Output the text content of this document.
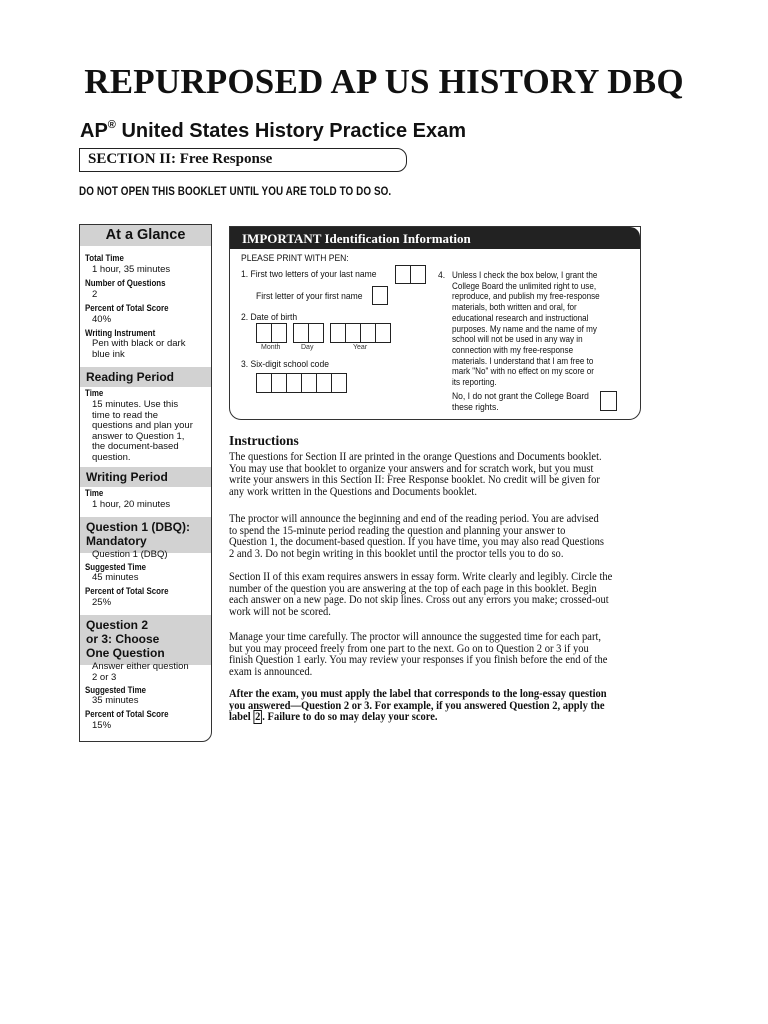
REPURPOSED AP US HISTORY DBQ
AP® United States History Practice Exam
SECTION II: Free Response
DO NOT OPEN THIS BOOKLET UNTIL YOU ARE TOLD TO DO SO.
At a Glance
Total Time
1 hour, 35 minutes
Number of Questions
2
Percent of Total Score
40%
Writing Instrument
Pen with black or dark
blue ink
Reading Period
Time
15 minutes. Use this
time to read the
questions and plan your
answer to Question 1,
the document-based
question.
Writing Period
Time
1 hour, 20 minutes
Question 1 (DBQ):
Mandatory
Question 1 (DBQ)
Suggested Time
45 minutes
Percent of Total Score
25%
Question 2
or 3: Choose
One Question
Answer either question
2 or 3
Suggested Time
35 minutes
Percent of Total Score
15%
IMPORTANT Identification Information
PLEASE PRINT WITH PEN:
1. First two letters of your last name
First letter of your first name
2. Date of birth
Month	Day	Year
3. Six-digit school code
4. Unless I check the box below, I grant the
College Board the unlimited right to use,
reproduce, and publish my free-response
materials, both written and oral, for
educational research and instructional
purposes. My name and the name of my
school will not be used in any way in
connection with my free-response
materials. I understand that I am free to
mark "No" with no effect on my score or
its reporting.
No, I do not grant the College Board
these rights.
Instructions
The questions for Section II are printed in the orange Questions and Documents booklet.
You may use that booklet to organize your answers and for scratch work, but you must
write your answers in this Section II: Free Response booklet. No credit will be given for
any work written in the Questions and Documents booklet.
The proctor will announce the beginning and end of the reading period. You are advised
to spend the 15-minute period reading the question and planning your answer to
Question 1, the document-based question. If you have time, you may also read Questions
2 and 3. Do not begin writing in this booklet until the proctor tells you to do so.
Section II of this exam requires answers in essay form. Write clearly and legibly. Circle the
number of the question you are answering at the top of each page in this booklet. Begin
each answer on a new page. Do not skip lines. Cross out any errors you make; crossed-out
work will not be scored.
Manage your time carefully. The proctor will announce the suggested time for each part,
but you may proceed freely from one part to the next. Go on to Question 2 or 3 if you
finish Question 1 early. You may review your responses if you finish before the end of the
exam is announced.
After the exam, you must apply the label that corresponds to the long-essay question
you answered—Question 2 or 3. For example, if you answered Question 2, apply the
label 2 . Failure to do so may delay your score.
